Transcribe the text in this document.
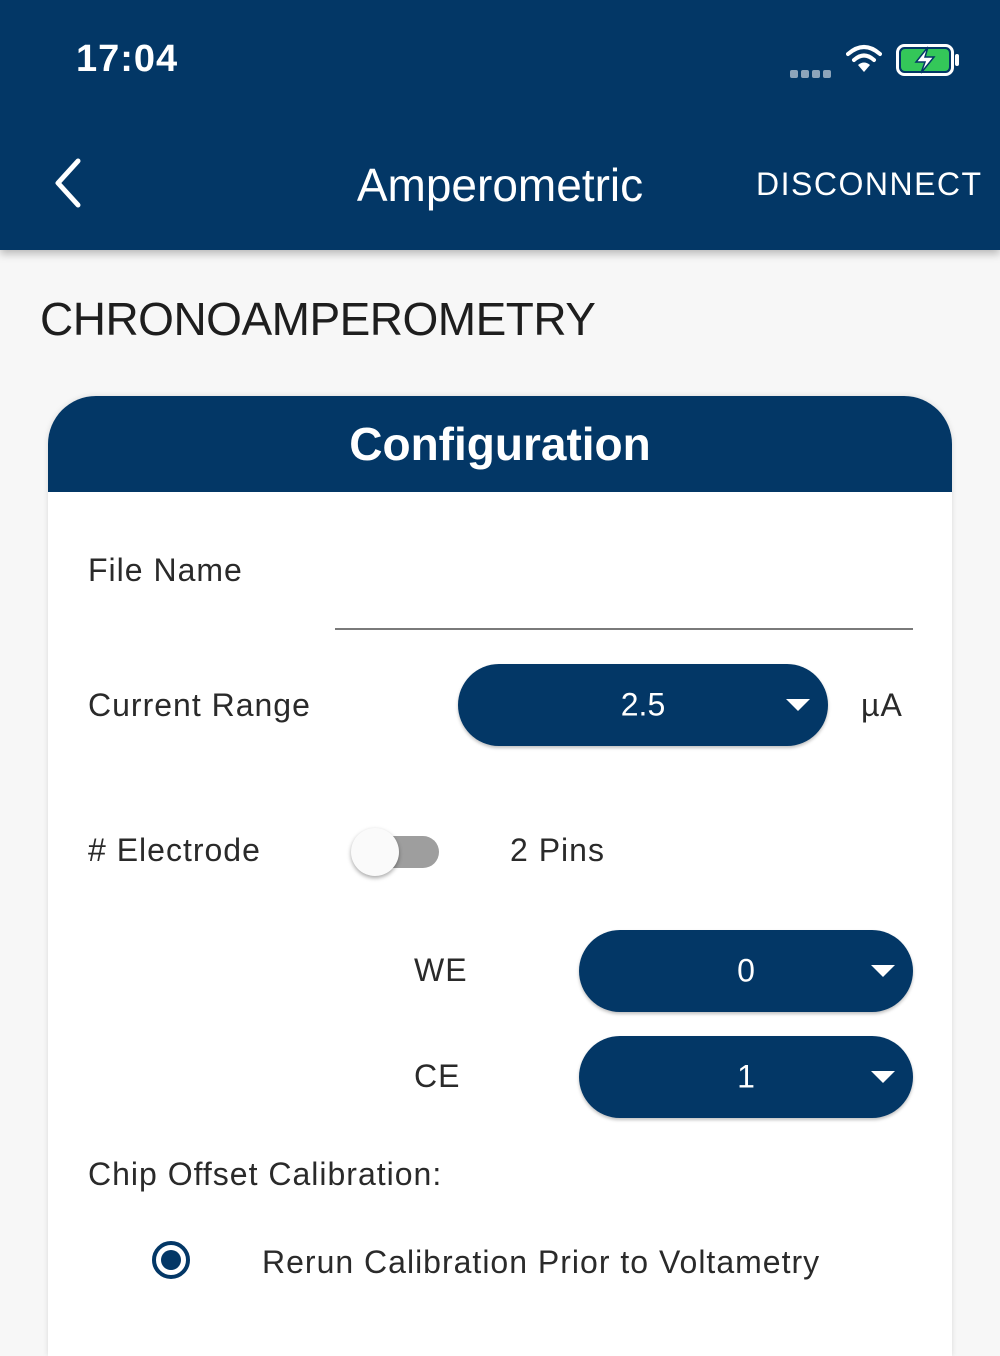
17:04
Amperometric	DISCONNECT
CHRONOAMPEROMETRY
Configuration
File Name
Current Range	2.5	µA
# Electrode	2 Pins
WE	0
CE	1
Chip Offset Calibration:
Rerun Calibration Prior to Voltametry
